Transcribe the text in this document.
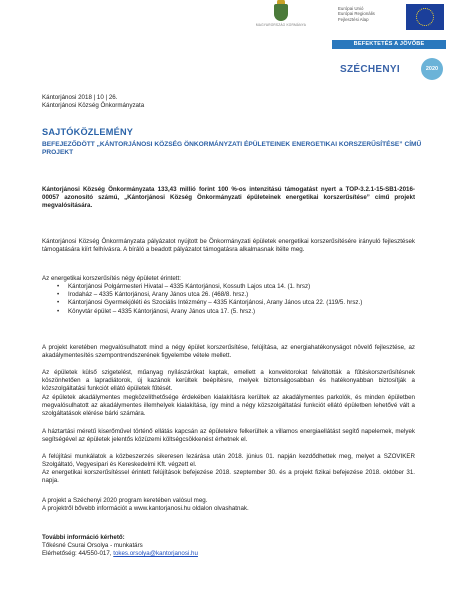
MAGYARORSZÁG KORMÁNYA
Európai Unió
Európai Regionális
Fejlesztési Alap
BEFEKTETÉS A JÖVŐBE
SZÉCHENYI	2020

Kántorjánosi 2018 | 10 | 26.

Kántorjánosi Község Önkormányzata

SAJTÓKÖZLEMÉNY
BEFEJEZŐDÖTT „KÁNTORJÁNOSI KÖZSÉG ÖNKORMÁNYZATI ÉPÜLETEINEK ENERGETIKAI KORSZERŰSÍTÉSE” CÍMŰ PROJEKT
Kántorjánosi Község Önkormányzata 133,43 millió forint 100 %-os intenzitású támogatást nyert a TOP-3.2.1-15-SB1-2016-00057 azonosító számú, „Kántorjánosi Község Önkormányzati épületeinek energetikai korszerűsítése” című projekt megvalósítására.
Kántorjánosi Község Önkormányzata pályázatot nyújtott be Önkormányzati épületek energetikai korszerűsítésére irányuló fejlesztések támogatására kiírt felhívásra. A bíráló a beadott pályázatot támogatásra alkalmasnak ítélte meg.

Az energetikai korszerűsítés négy épületet érintett:

• Kántorjánosi Polgármesteri Hivatal – 4335 Kántorjánosi, Kossuth Lajos utca 14. (1. hrsz)
• Irodaház – 4335 Kántorjánosi, Arany János utca 26. (468/8. hrsz.)
• Kántorjánosi Gyermekjóléti és Szociális Intézmény – 4335 Kántorjánosi, Arany János utca 22. (119/5. hrsz.)
• Könyvtár épület – 4335 Kántorjánosi, Arany János utca 17. (5. hrsz.)
A projekt keretében megvalósulhatott mind a négy épület korszerűsítése, felújítása, az energiahatékonyságot növelő fejlesztése, az akadálymentesítés szempontrendszerének figyelembe vétele mellett.
Az épületek külső szigetelést, műanyag nyílászárókat kaptak, emellett a konvektorokat felváltották a fűtéskorszerűsítésnek köszönhetően a lapradiátorok, új kazánok kerültek beépítésre, melyek biztonságosabban és hatékonyabban biztosítják a közszolgáltatási funkciót ellátó épületek fűtését.
Az épületek akadálymentes megközelíthetősége érdekében kialakításra kerültek az akadálymentes parkolók, és minden épületben megvalósulhatott az akadálymentes illemhelyek kialakítása, így mind a négy közszolgáltatási funkciót ellátó épületben lehetővé vált a szolgáltatások elérése bárki számára.
A háztartási méretű kiserőművel történő ellátás kapcsán az épületekre felkerültek a villamos energiaellátást segítő napelemek, melyek segítségével az épületek jelentős közüzemi költségcsökkenést érhetnek el.

A felújítási munkálatok a közbeszerzés sikeresen lezárása után 2018. június 01. napján kezdődhettek meg, melyet a SZOVIKER Szolgáltató, Vegyesipari és Kereskedelmi Kft. végzett el.

Az energetikai korszerűsítéssel érintett felújítások befejezése 2018. szeptember 30. és a projekt fizikai befejezése 2018. október 31. napja.

A projekt a Széchenyi 2020 program keretében valósul meg.

A projektről bővebb információt a www.kantorjanosi.hu oldalon olvashatnak.

További információ kérhető:

Tőkésné Csurai Orsolya - munkatárs

Elérhetőség: 44/550-017, tokes.orsolya@kantorjanosi.hu
